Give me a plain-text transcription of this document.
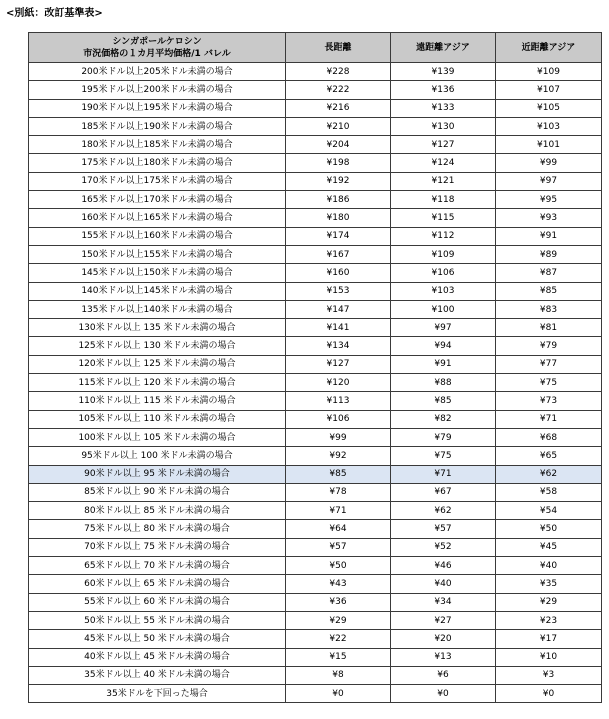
<別紙：改訂基準表>
シンガポールケロシン
市況価格の１カ月平均価格/1 バレル	長距離	遠距離アジア	近距離アジア
200米ドル以上205米ドル未満の場合	¥228	¥139	¥109
195米ドル以上200米ドル未満の場合	¥222	¥136	¥107
190米ドル以上195米ドル未満の場合	¥216	¥133	¥105
185米ドル以上190米ドル未満の場合	¥210	¥130	¥103
180米ドル以上185米ドル未満の場合	¥204	¥127	¥101
175米ドル以上180米ドル未満の場合	¥198	¥124	¥99
170米ドル以上175米ドル未満の場合	¥192	¥121	¥97
165米ドル以上170米ドル未満の場合	¥186	¥118	¥95
160米ドル以上165米ドル未満の場合	¥180	¥115	¥93
155米ドル以上160米ドル未満の場合	¥174	¥112	¥91
150米ドル以上155米ドル未満の場合	¥167	¥109	¥89
145米ドル以上150米ドル未満の場合	¥160	¥106	¥87
140米ドル以上145米ドル未満の場合	¥153	¥103	¥85
135米ドル以上140米ドル未満の場合	¥147	¥100	¥83
130米ドル以上 135 米ドル未満の場合	¥141	¥97	¥81
125米ドル以上 130 米ドル未満の場合	¥134	¥94	¥79
120米ドル以上 125 米ドル未満の場合	¥127	¥91	¥77
115米ドル以上 120 米ドル未満の場合	¥120	¥88	¥75
110米ドル以上 115 米ドル未満の場合	¥113	¥85	¥73
105米ドル以上 110 米ドル未満の場合	¥106	¥82	¥71
100米ドル以上 105 米ドル未満の場合	¥99	¥79	¥68
95米ドル以上 100 米ドル未満の場合	¥92	¥75	¥65
90米ドル以上 95 米ドル未満の場合	¥85	¥71	¥62
85米ドル以上 90 米ドル未満の場合	¥78	¥67	¥58
80米ドル以上 85 米ドル未満の場合	¥71	¥62	¥54
75米ドル以上 80 米ドル未満の場合	¥64	¥57	¥50
70米ドル以上 75 米ドル未満の場合	¥57	¥52	¥45
65米ドル以上 70 米ドル未満の場合	¥50	¥46	¥40
60米ドル以上 65 米ドル未満の場合	¥43	¥40	¥35
55米ドル以上 60 米ドル未満の場合	¥36	¥34	¥29
50米ドル以上 55 米ドル未満の場合	¥29	¥27	¥23
45米ドル以上 50 米ドル未満の場合	¥22	¥20	¥17
40米ドル以上 45 米ドル未満の場合	¥15	¥13	¥10
35米ドル以上 40 米ドル未満の場合	¥8	¥6	¥3
35米ドルを下回った場合	¥0	¥0	¥0
